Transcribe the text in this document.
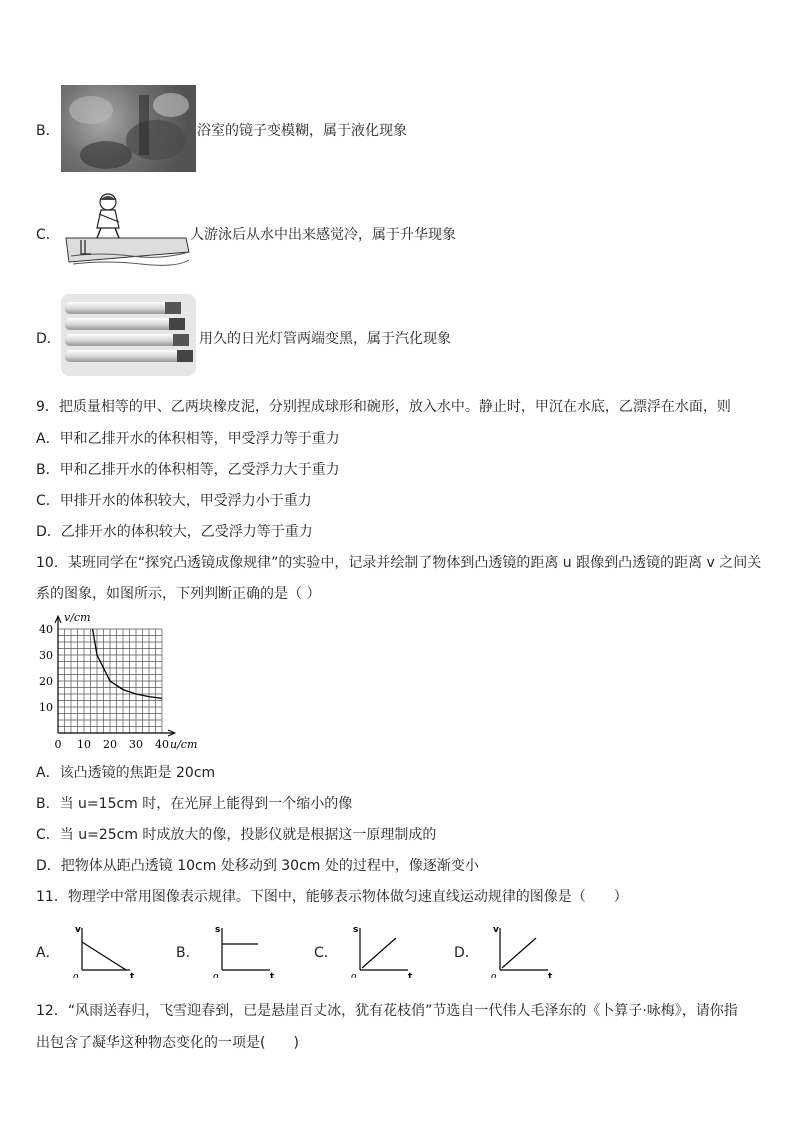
B．	浴室的镜子变模糊，属于液化现象
C．	人游泳后从水中出来感觉冷，属于升华现象
D．	用久的日光灯管两端变黑，属于汽化现象
9．把质量相等的甲、乙两块橡皮泥，分别捏成球形和碗形，放入水中。静止时，甲沉在水底，乙漂浮在水面，则
A．甲和乙排开水的体积相等，甲受浮力等于重力
B．甲和乙排开水的体积相等，乙受浮力大于重力
C．甲排开水的体积较大，甲受浮力小于重力
D．乙排开水的体积较大，乙受浮力等于重力
10．某班同学在“探究凸透镜成像规律”的实验中，记录并绘制了物体到凸透镜的距离 u 跟像到凸透镜的距离 v 之间关
系的图象，如图所示，下列判断正确的是（ ）
0 10 20 30 40
10
20
30
40
v/cm
u/cm
A．该凸透镜的焦距是 20cm
B．当 u=15cm 时，在光屏上能得到一个缩小的像
C．当 u=25cm 时成放大的像，投影仪就是根据这一原理制成的
D．把物体从距凸透镜 10cm 处移动到 30cm 处的过程中，像逐渐变小
11．物理学中常用图像表示规律。下图中，能够表示物体做匀速直线运动规律的图像是（　　）
A．
v
t
o
B．
s
t
o
C．
s
t
o
D．
v
t
o
12．“风雨送春归，飞雪迎春到，已是悬崖百丈冰，犹有花枝俏”节选自一代伟人毛泽东的《卜算子·咏梅》，请你指
出包含了凝华这种物态变化的一项是(　　)
